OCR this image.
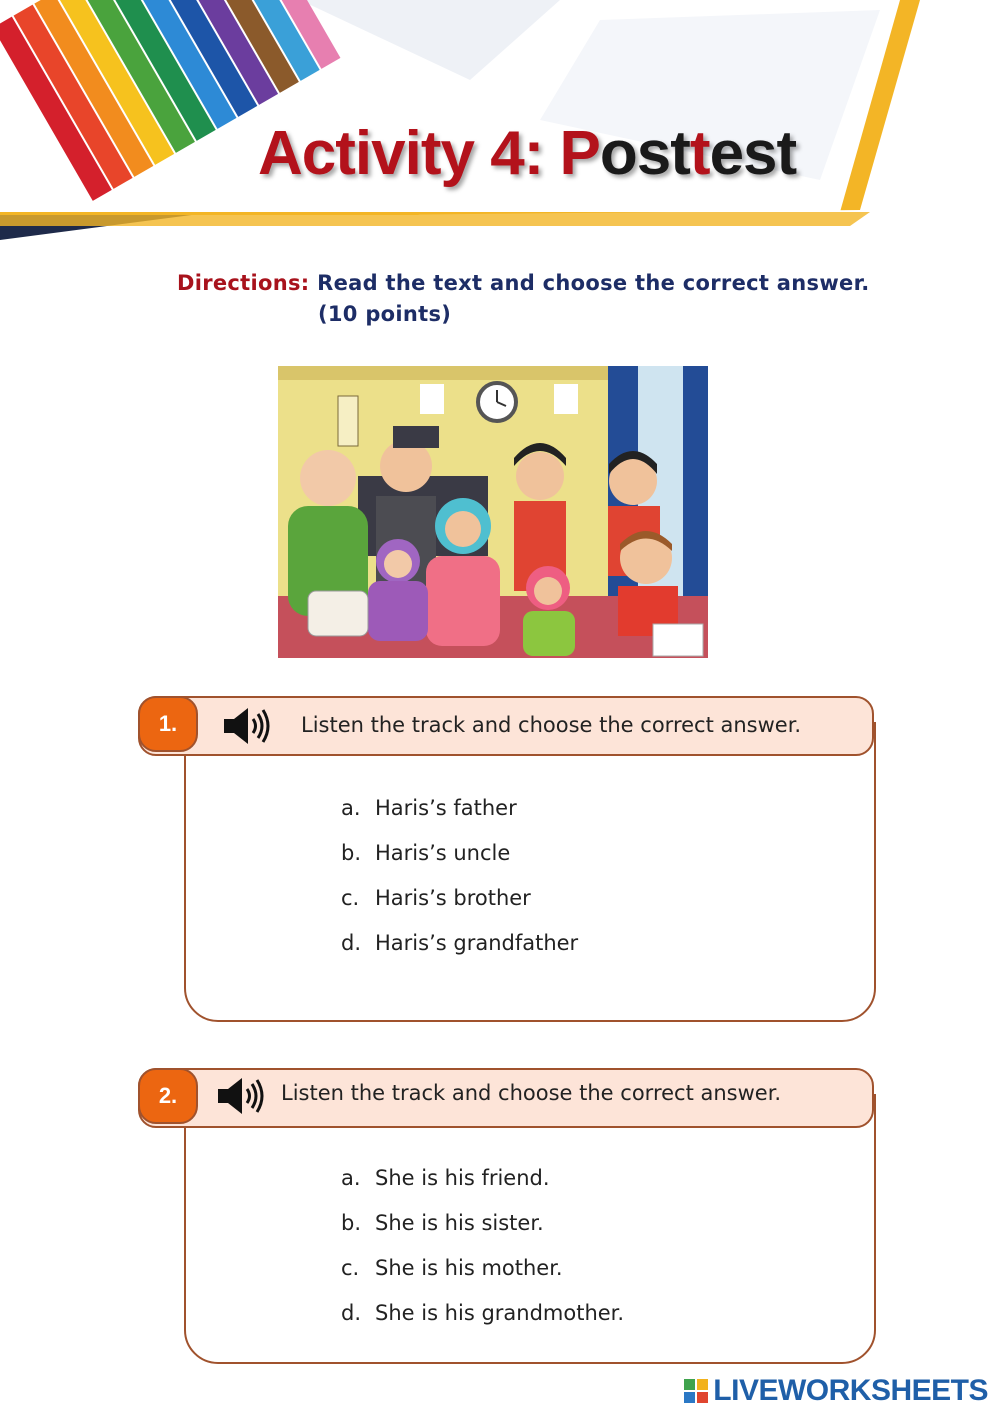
Activity 4: Posttest
Directions: Read the text and choose the correct answer.
(10 points)
1.	Listen the track and choose the correct answer.
a. Haris’s father
b. Haris’s uncle
c. Haris’s brother
d. Haris’s grandfather
2.	Listen the track and choose the correct answer.
a. She is his friend.
b. She is his sister.
c. She is his mother.
d. She is his grandmother.
LIVEWORKSHEETS
